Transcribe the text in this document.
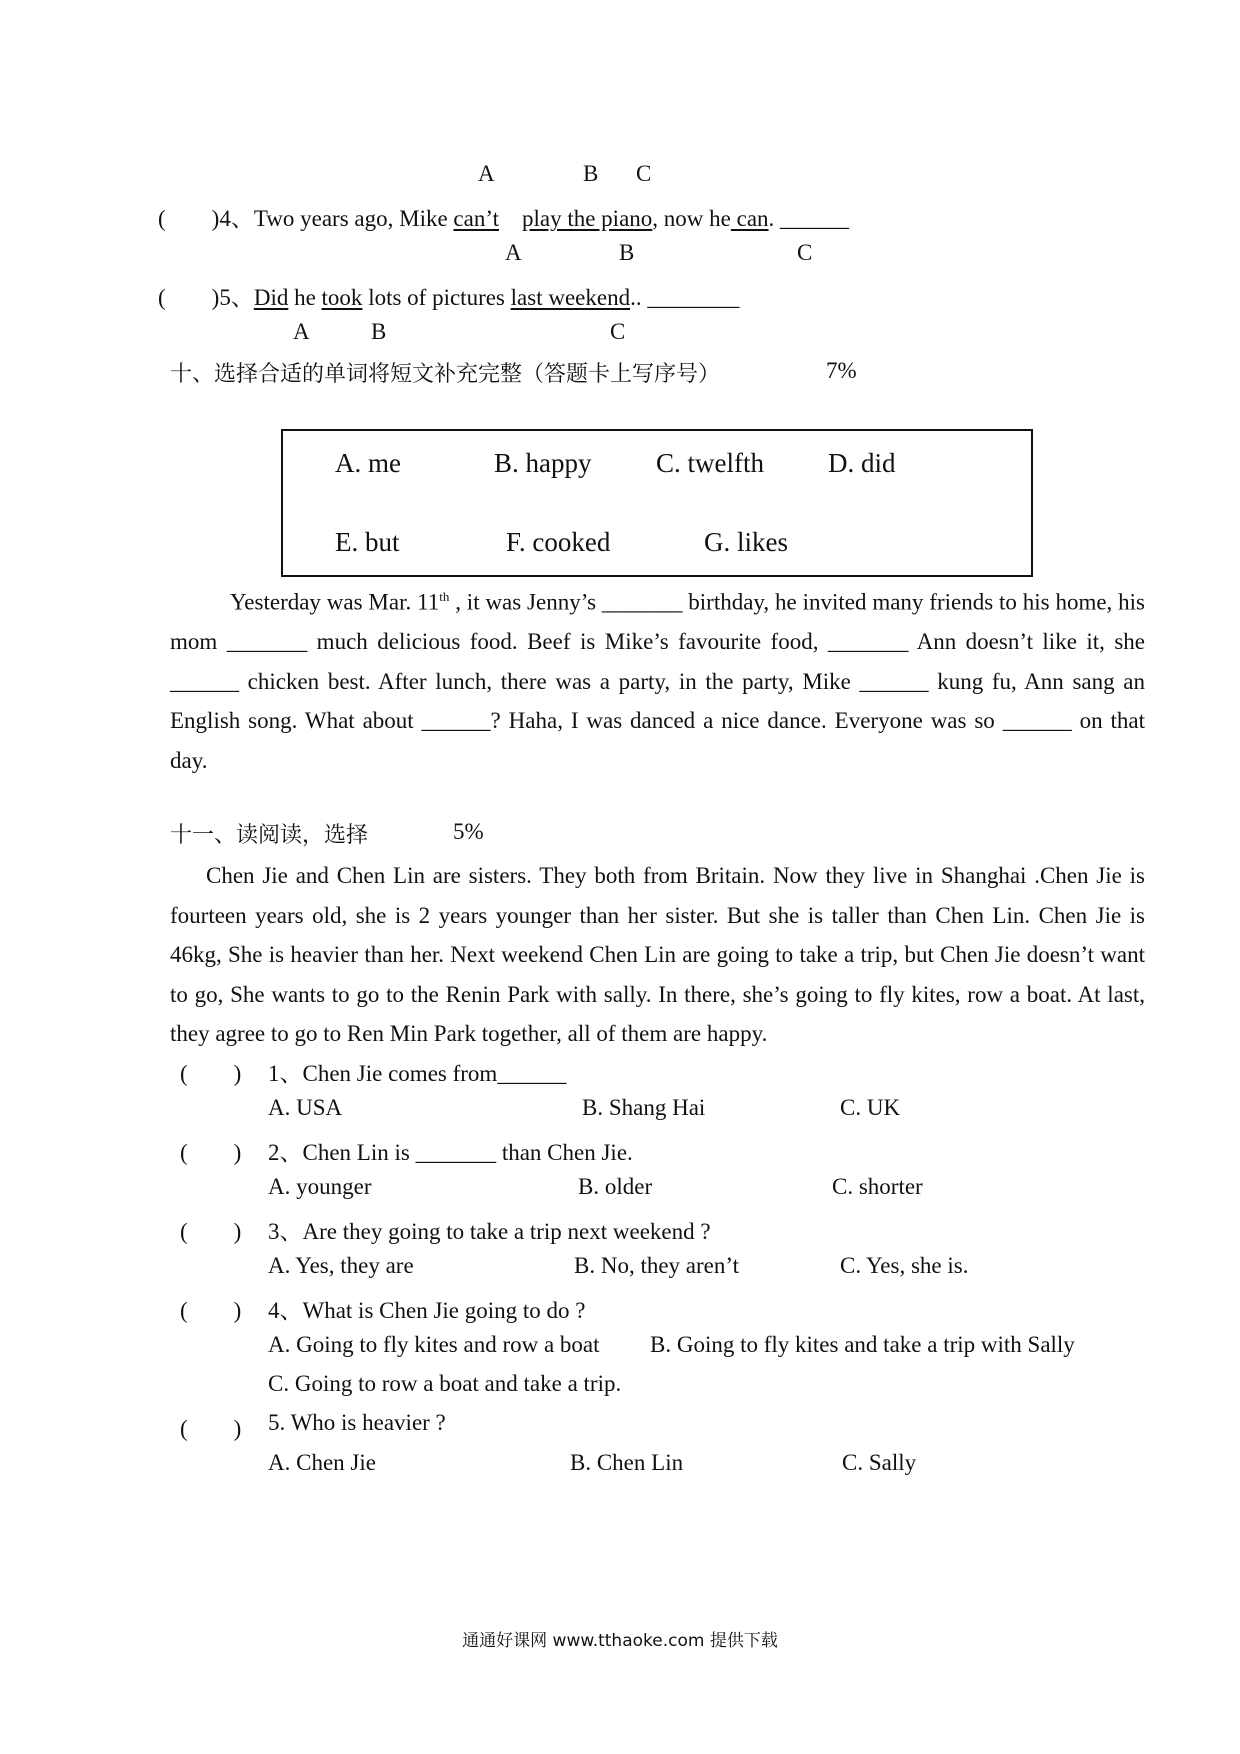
A	B C
(　　)4、Two years ago, Mike can’t play the piano, now he can. ______
A	B	C
(　　)5、Did he took lots of pictures last weekend.. ________
A	B	C
十、选择合适的单词将短文补充完整（答题卡上写序号）	7%
A. me	B. happy C. twelfth D. did
E. but	F. cooked	G. likes
Yesterday was Mar. 11th , it was Jenny’s _______ birthday, he invited many friends to his home, his mom _______ much delicious food. Beef is Mike’s favourite food, _______ Ann doesn’t like it, she ______ chicken best. After lunch, there was a party, in the party, Mike ______ kung fu, Ann sang an English song. What about ______? Haha, I was danced a nice dance. Everyone was so ______ on that day.
十一、读阅读，选择	5%
Chen Jie and Chen Lin are sisters. They both from Britain. Now they live in Shanghai .Chen Jie is fourteen years old, she is 2 years younger than her sister. But she is taller than Chen Lin. Chen Jie is 46kg, She is heavier than her. Next weekend Chen Lin are going to take a trip, but Chen Jie doesn’t want to go, She wants to go to the Renin Park with sally. In there, she’s going to fly kites, row a boat. At last, they agree to go to Ren Min Park together, all of them are happy.
(　　) 1、Chen Jie comes from______
A. USA	B. Shang Hai	C. UK
(　　) 2、Chen Lin is _______ than Chen Jie.
A. younger	B. older	C. shorter
(　　) 3、Are they going to take a trip next weekend ?
A. Yes, they are	B. No, they aren’t	C. Yes, she is.
(　　) 4、What is Chen Jie going to do ?
A. Going to fly kites and row a boat B. Going to fly kites and take a trip with Sally
C. Going to row a boat and take a trip.
(　　) 5. Who is heavier ?
A. Chen Jie	B. Chen Lin	C. Sally
通通好课网 www.tthaoke.com 提供下载
